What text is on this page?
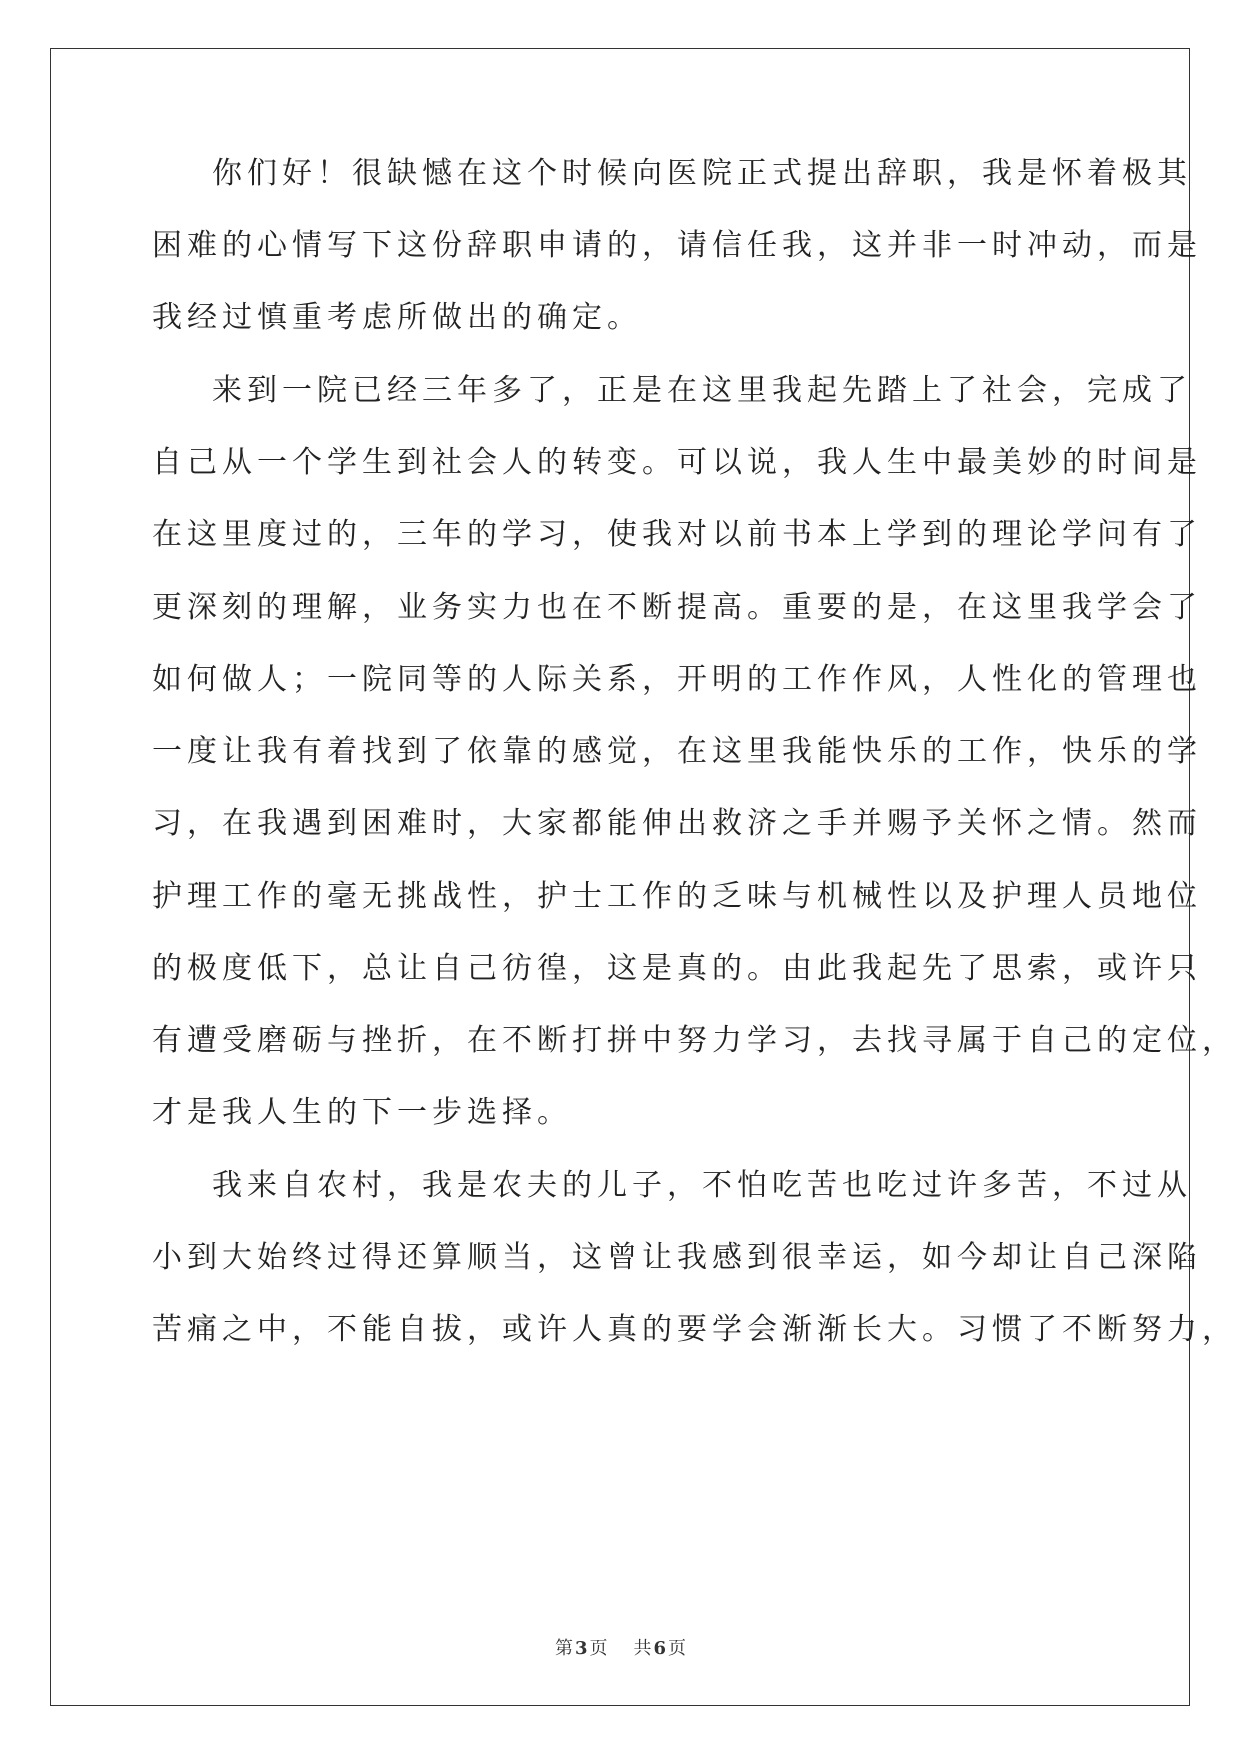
你们好！很缺憾在这个时候向医院正式提出辞职，我是怀着极其
困难的心情写下这份辞职申请的，请信任我，这并非一时冲动，而是
我经过慎重考虑所做出的确定。
来到一院已经三年多了，正是在这里我起先踏上了社会，完成了
自己从一个学生到社会人的转变。可以说，我人生中最美妙的时间是
在这里度过的，三年的学习，使我对以前书本上学到的理论学问有了
更深刻的理解，业务实力也在不断提高。重要的是，在这里我学会了
如何做人；一院同等的人际关系，开明的工作作风，人性化的管理也
一度让我有着找到了依靠的感觉，在这里我能快乐的工作，快乐的学
习，在我遇到困难时，大家都能伸出救济之手并赐予关怀之情。然而
护理工作的毫无挑战性，护士工作的乏味与机械性以及护理人员地位
的极度低下，总让自己彷徨，这是真的。由此我起先了思索，或许只
有遭受磨砺与挫折，在不断打拼中努力学习，去找寻属于自己的定位，
才是我人生的下一步选择。
我来自农村，我是农夫的儿子，不怕吃苦也吃过许多苦，不过从
小到大始终过得还算顺当，这曾让我感到很幸运，如今却让自己深陷
苦痛之中，不能自拔，或许人真的要学会渐渐长大。习惯了不断努力，
第 3 页 共 6 页
